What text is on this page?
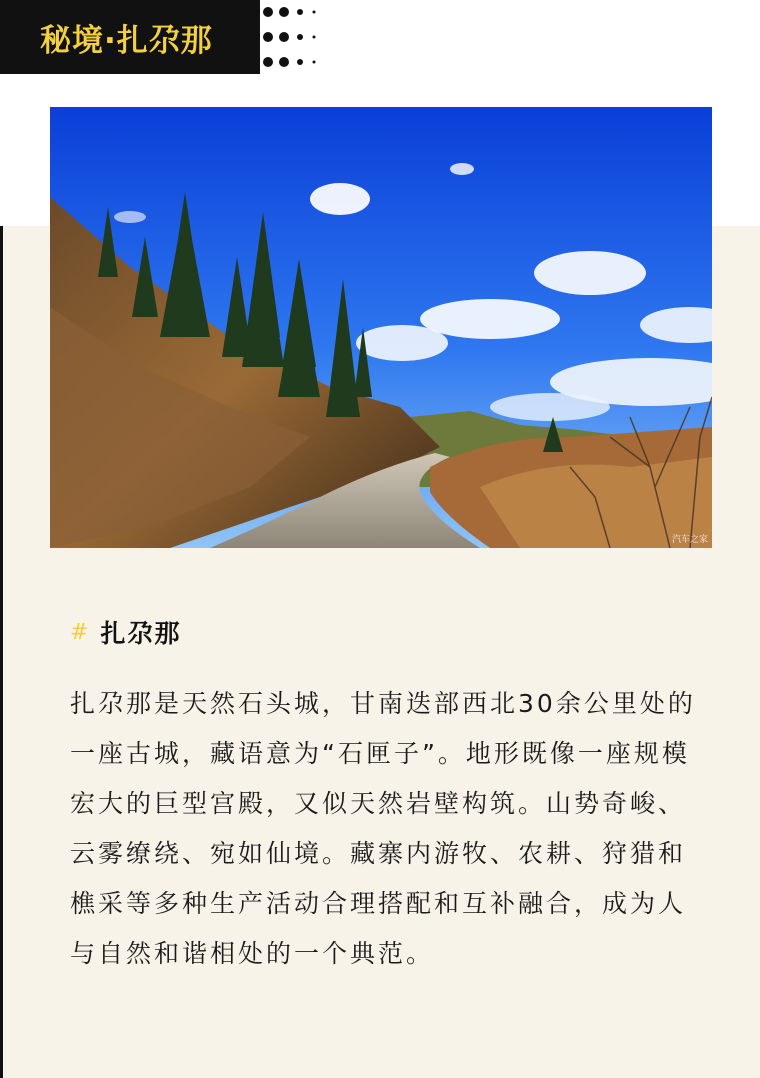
秘境·扎尕那
汽车之家
# 扎尕那

扎尕那是天然石头城，甘南迭部西北30余公里处的一座古城，藏语意为“石匣子”。地形既像一座规模宏大的巨型宫殿，又似天然岩壁构筑。山势奇峻、云雾缭绕、宛如仙境。藏寨内游牧、农耕、狩猎和樵采等多种生产活动合理搭配和互补融合，成为人与自然和谐相处的一个典范。
